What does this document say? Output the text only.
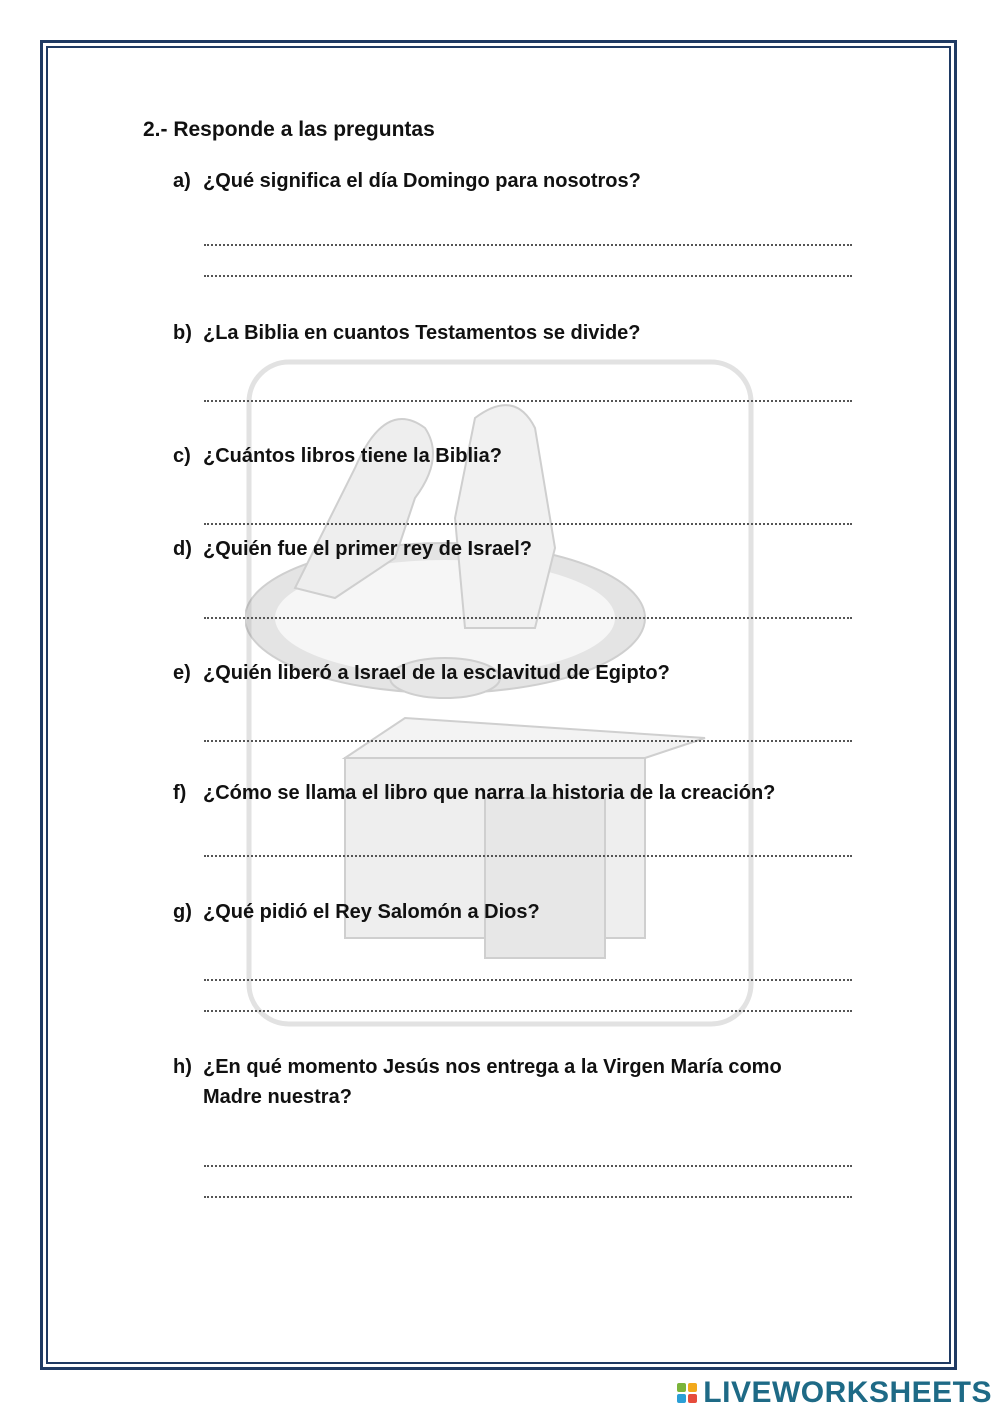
2.- Responde a las preguntas
a) ¿Qué significa el día Domingo para nosotros?
b) ¿La Biblia en cuantos Testamentos se divide?
c) ¿Cuántos libros tiene la Biblia?
d) ¿Quién fue el primer rey de Israel?
e) ¿Quién liberó a Israel de la esclavitud de Egipto?
f) ¿Cómo se llama el libro que narra la historia de la creación?
g) ¿Qué pidió el Rey Salomón a Dios?
h) ¿En qué momento Jesús nos entrega a la Virgen María como Madre nuestra?
LIVEWORKSHEETS
